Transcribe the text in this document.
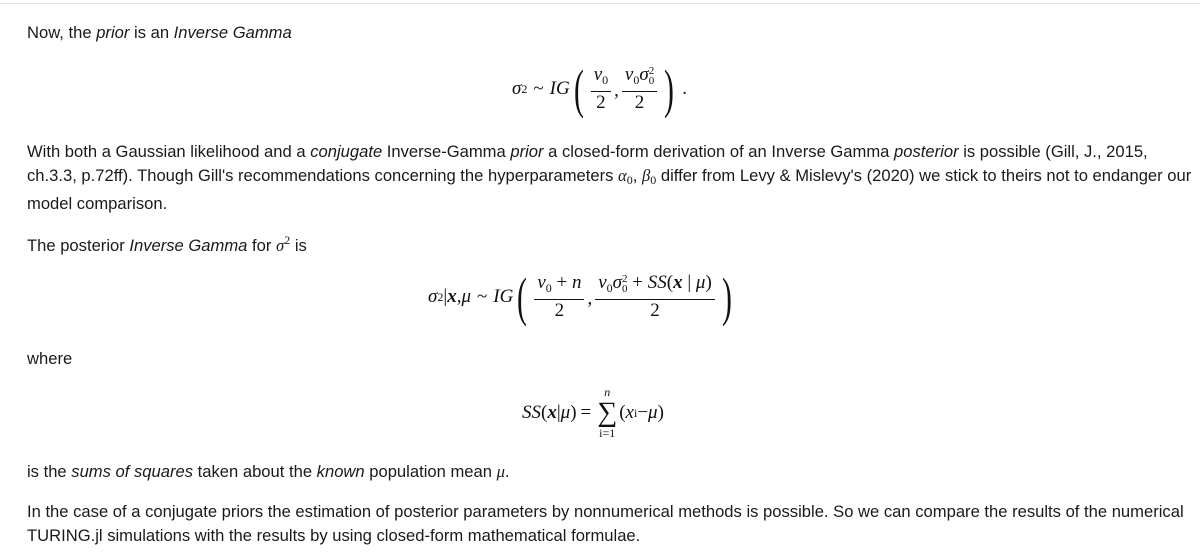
Now, the prior is an Inverse Gamma
σ 2 ~ IG ( $\frac{\nu_0}{2}$ , $\nu_0\sigma$ 2
0
2 ) .
With both a Gaussian likelihood and a conjugate Inverse-Gamma prior a closed-form derivation of an Inverse Gamma posterior is possible (Gill, J., 2015, ch.3.3, p.72ff). Though Gill's recommendations concerning the hyperparameters α0, β0 differ from Levy & Mislevy's (2020) we stick to theirs not to endanger our model comparison.
The posterior Inverse Gamma for $\sigma^2$ is
σ 2 | x , μ ~ IG ( $\frac{\nu_0 + n}{2}$ , $\nu_0\sigma$ 2
0 + SS(x | μ)
2 )
where
SS ( x | μ ) =
n
∑
i=1
( x i − μ )
is the sums of squares taken about the known population mean μ.
In the case of a conjugate priors the estimation of posterior parameters by nonnumerical methods is possible. So we can compare the results of the numerical TURING.jl simulations with the results by using closed-form mathematical formulae.
